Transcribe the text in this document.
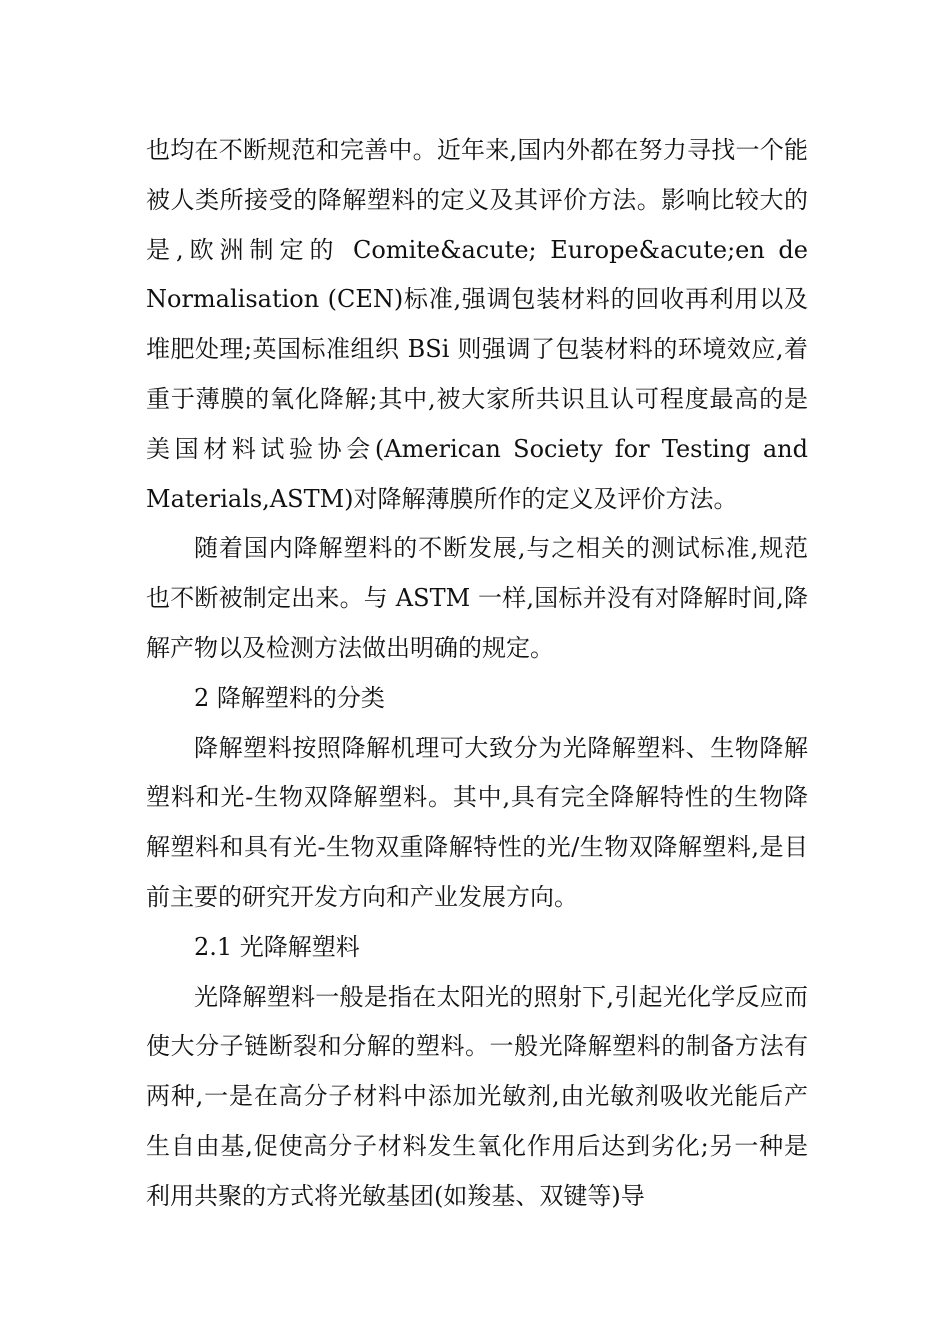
也均在不断规范和完善中。近年来,国内外都在努力寻找一个能被人类所接受的降解塑料的定义及其评价方法。影响比较大的是,欧洲制定的 Comite&acute; Europe&acute;en de Normalisation (CEN)标准,强调包装材料的回收再利用以及堆肥处理;英国标准组织 BSi 则强调了包装材料的环境效应,着重于薄膜的氧化降解;其中,被大家所共识且认可程度最高的是美国材料试验协会(American Society for Testing and Materials,ASTM)对降解薄膜所作的定义及评价方法。

随着国内降解塑料的不断发展,与之相关的测试标准,规范也不断被制定出来。与 ASTM 一样,国标并没有对降解时间,降解产物以及检测方法做出明确的规定。

2 降解塑料的分类

降解塑料按照降解机理可大致分为光降解塑料、生物降解塑料和光-生物双降解塑料。其中,具有完全降解特性的生物降解塑料和具有光-生物双重降解特性的光/生物双降解塑料,是目前主要的研究开发方向和产业发展方向。

2.1 光降解塑料

光降解塑料一般是指在太阳光的照射下,引起光化学反应而使大分子链断裂和分解的塑料。一般光降解塑料的制备方法有两种,一是在高分子材料中添加光敏剂,由光敏剂吸收光能后产生自由基,促使高分子材料发生氧化作用后达到劣化;另一种是利用共聚的方式将光敏基团(如羧基、双键等)导
